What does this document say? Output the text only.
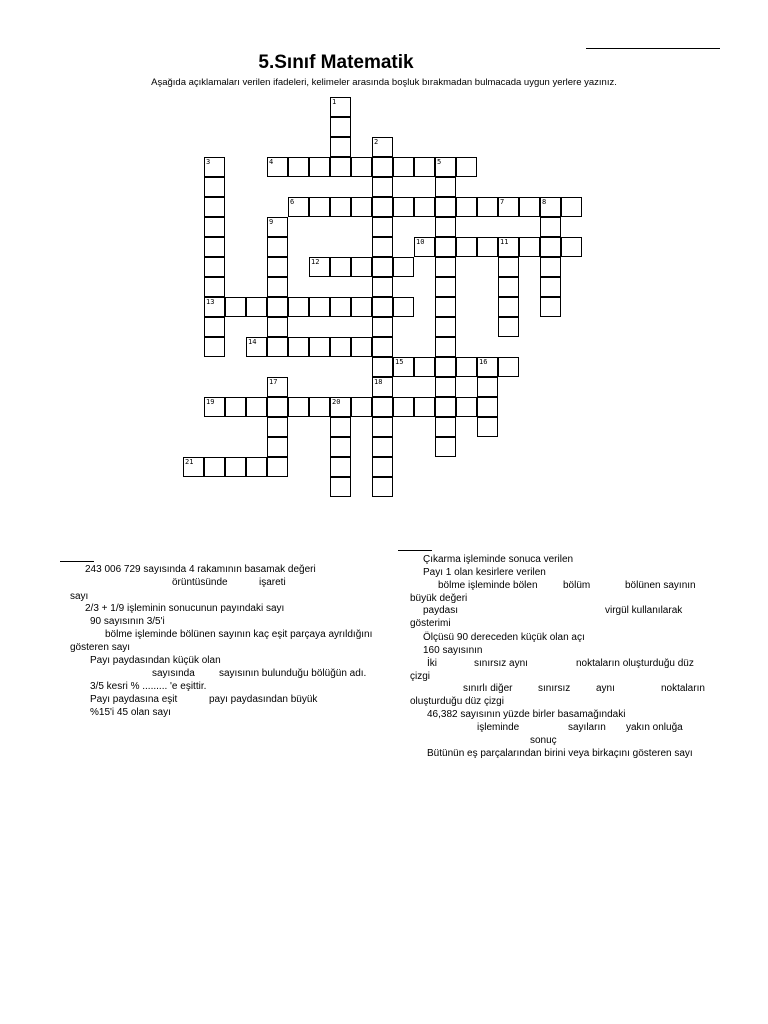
5.Sınıf Matematik
Aşağıda açıklamaları verilen ifadeleri, kelimeler arasında boşluk bırakmadan bulmacada uygun yerlere yazınız.
1
2
3	4	5
6	7	8
9
10	11
12
13
14
15	16
17	18
19	20
21
243 006 729 sayısında 4 rakamının basamak değeri
örüntüsünde	işareti
sayı
2/3 + 1/9 işleminin sonucunun payındaki sayı
90 sayısının 3/5'i
bölme işleminde bölünen sayının kaç eşit parçaya ayrıldığını
gösteren sayı
Payı paydasından küçük olan
sayısında sayısının bulunduğu bölüğün adı.
3/5 kesri % ......... 'e eşittir.
Payı paydasına eşit	payı paydasından büyük
%15'i 45 olan sayı
Çıkarma işleminde sonuca verilen
Payı 1 olan kesirlere verilen
bölme işleminde bölen	bölüm	bölünen sayının
büyük değeri
paydası	virgül kullanılarak
gösterimi
Ölçüsü 90 dereceden küçük olan açı
160 sayısının
İki	sınırsız aynı	noktaların oluşturduğu düz
çizgi
sınırlı diğer	sınırsız	aynı	noktaların
oluşturduğu düz çizgi
46,382 sayısının yüzde birler basamağındaki
işleminde	sayıların yakın onluğa
sonuç
Bütünün eş parçalarından birini veya birkaçını gösteren sayı
